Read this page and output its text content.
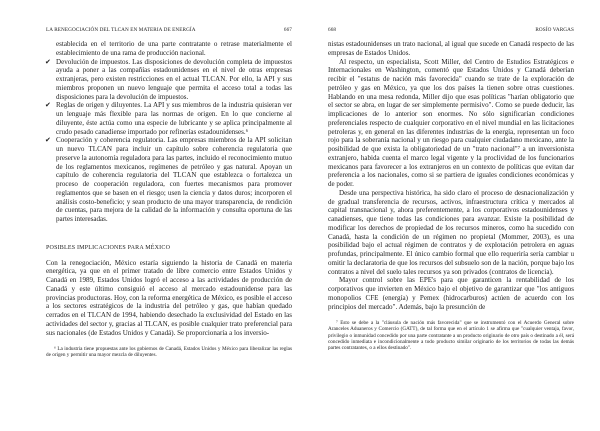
LA RENEGOCIACIÓN DEL TLCAN EN MATERIA DE ENERGÍA	667

establecida en el territorio de una parte contratante o retrase materialmente el establecimiento de una rama de producción nacional.

✔ Devolución de impuestos. Las disposiciones de devolución completa de impuestos ayuda a poner a las compañías estadounidenses en el nivel de otras empresas extranjeras, pero existen restricciones en el actual TLCAN. Por ello, la API y sus miembros proponen un nuevo lenguaje que permita el acceso total a todas las disposiciones para la devolución de impuestos.
✔ Reglas de origen y diluyentes. La API y sus miembros de la industria quisieran ver un lenguaje más flexible para las normas de origen. En lo que concierne al diluyente, éste actúa como una especie de lubricante y se aplica principalmente al crudo pesado canadiense importado por refinerías estadounidenses.⁶
✔ Cooperación y coherencia regulatoria. Las empresas miembros de la API solicitan un nuevo TLCAN para incluir un capítulo sobre coherencia regulatoria que preserve la autonomía reguladora para las partes, incluido el reconocimiento mutuo de los reglamentos mexicanos, regímenes de petróleo y gas natural. Apoyan un capítulo de coherencia regulatoria del TLCAN que establezca o fortalezca un proceso de cooperación reguladora, con fuertes mecanismos para promover reglamentos que se basen en el riesgo; usen la ciencia y datos duros; incorporen el análisis costo-beneficio; y sean producto de una mayor transparencia, de rendición de cuentas, para mejora de la calidad de la información y consulta oportuna de las partes interesadas.
POSIBLES IMPLICACIONES PARA MÉXICO

Con la renegociación, México estaría siguiendo la historia de Canadá en materia energética, ya que en el primer tratado de libre comercio entre Estados Unidos y Canadá en 1989, Estados Unidos logró el acceso a las actividades de producción de Canadá y este último consiguió el acceso al mercado estadounidense para las provincias productoras. Hoy, con la reforma energética de México, es posible el acceso a los sectores estratégicos de la industria del petróleo y gas, que habían quedado cerrados en el TLCAN de 1994, habiendo desechado la exclusividad del Estado en las actividades del sector y, gracias al TLCAN, es posible cualquier trato preferencial para sus nacionales (de Estados Unidos y Canadá). Se proporcionaría a los inversio-

⁶ La industria tiene propuestas ante los gobiernos de Canadá, Estados Unidos y México para liberalizar las reglas de origen y permitir una mayor mezcla de diluyentes.

668	ROSÍO VARGAS

nistas estadounidenses un trato nacional, al igual que sucede en Canadá respecto de las empresas de Estados Unidos.

Al respecto, un especialista, Scott Miller, del Centro de Estudios Estratégicos e Internacionales en Washington, comentó que Estados Unidos y Canadá deberían recibir el "estatus de nación más favorecida" cuando se trate de la exploración de petróleo y gas en México, ya que los dos países la tienen sobre otras cuestiones. Hablando en una mesa redonda, Miller dijo que esas políticas "harían obligatorio que el sector se abra, en lugar de ser simplemente permisivo". Como se puede deducir, las implicaciones de lo anterior son enormes. No sólo significarían condiciones preferenciales respecto de cualquier corporativo en el nivel mundial en las licitaciones petroleras y, en general en las diferentes industrias de la energía, representan un foco rojo para la soberanía nacional y un riesgo para cualquier ciudadano mexicano, ante la posibilidad de que exista la obligatoriedad de un "trato nacional"⁷ a un inversionista extranjero, habida cuenta el marco legal vigente y la proclividad de los funcionarios mexicanos para favorecer a los extranjeros en un contexto de políticas que evitan dar preferencia a los nacionales, como si se partiera de iguales condiciones económicas y de poder.

Desde una perspectiva histórica, ha sido claro el proceso de desnacionalización y de gradual transferencia de recursos, activos, infraestructura crítica y mercados al capital transnacional y, ahora preferentemente, a los corporativos estadounidenses y canadienses, que tiene todas las condiciones para avanzar. Existe la posibilidad de modificar los derechos de propiedad de los recursos mineros, como ha sucedido con Canadá, hasta la condición de un régimen no propietal (Mommer, 2003), es una posibilidad bajo el actual régimen de contratos y de explotación petrolera en aguas profundas, principalmente. El único cambio formal que ello requeriría sería cambiar u omitir la declaratoria de que los recursos del subsuelo son de la nación, porque bajo los contratos a nivel del suelo tales recursos ya son privados (contratos de licencia).

Mayor control sobre las EPE's para que garanticen la rentabilidad de los corporativos que invierten en México bajo el objetivo de garantizar que "los antiguos monopolios CFE (energía) y Pemex (hidrocarburos) actúen de acuerdo con los principios del mercado". Además, bajo la presunción de

⁷ Esto se debe a la "cláusula de nación más favorecida" que se instrumentó con el Acuerdo General sobre Aranceles Aduaneros y Comercio (GATT), de tal forma que en el artículo 1 se afirma que "cualquier ventaja, favor, privilegio o inmunidad concedido por una parte contratante a un producto originario de otro país o destinado a él, será concedido inmediata e incondicionalmente a todo producto similar originario de los territorios de todas las demás partes contratantes, o a ellos destinado".
